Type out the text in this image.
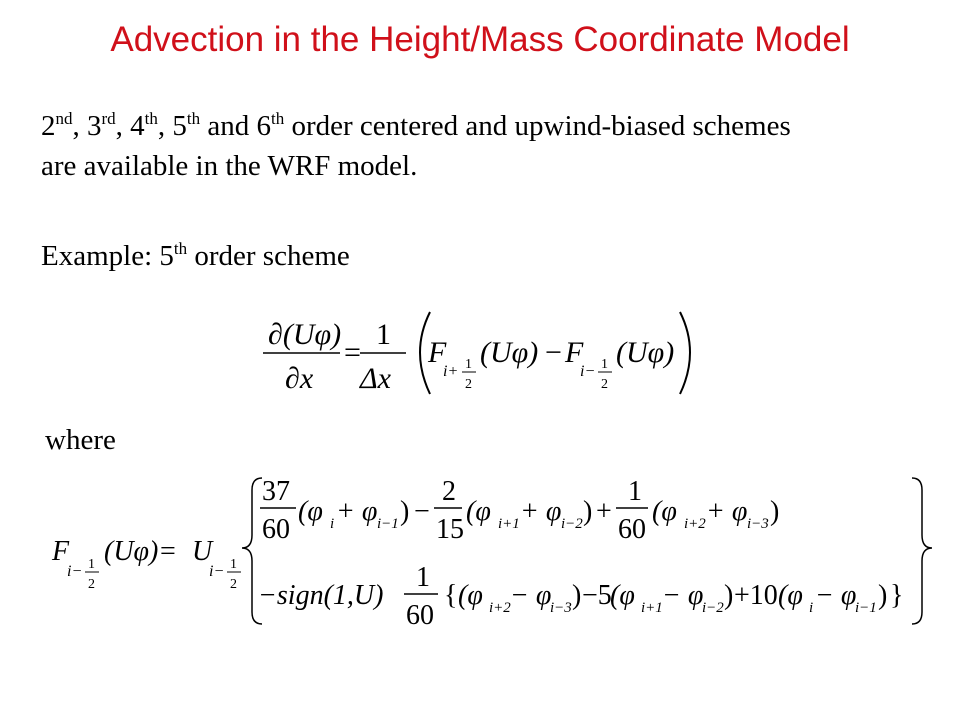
Advection in the Height/Mass Coordinate Model
2nd, 3rd, 4th, 5th and 6th order centered and upwind-biased schemes
are available in the WRF model.
Example: 5th order scheme
∂(Uφ)
∂x
=
1
Δx
F
i+ 1
2
(Uφ) − F
i− 1
2
(Uφ)
where
F
i− 1
2
(Uφ) = U
i− 1
2
37
60
(φ i + φ i−1 ) −
2
15
(φ i+1 + φ i−2 ) +
1
60
(φ i+2 + φ i−3 )
−sign(1,U)
1
60
{ (φ i+2 − φ
i−3 ) −5
(φ i+1 − φ
i−2 ) +10 (φ i − φ
i−1 ) }
